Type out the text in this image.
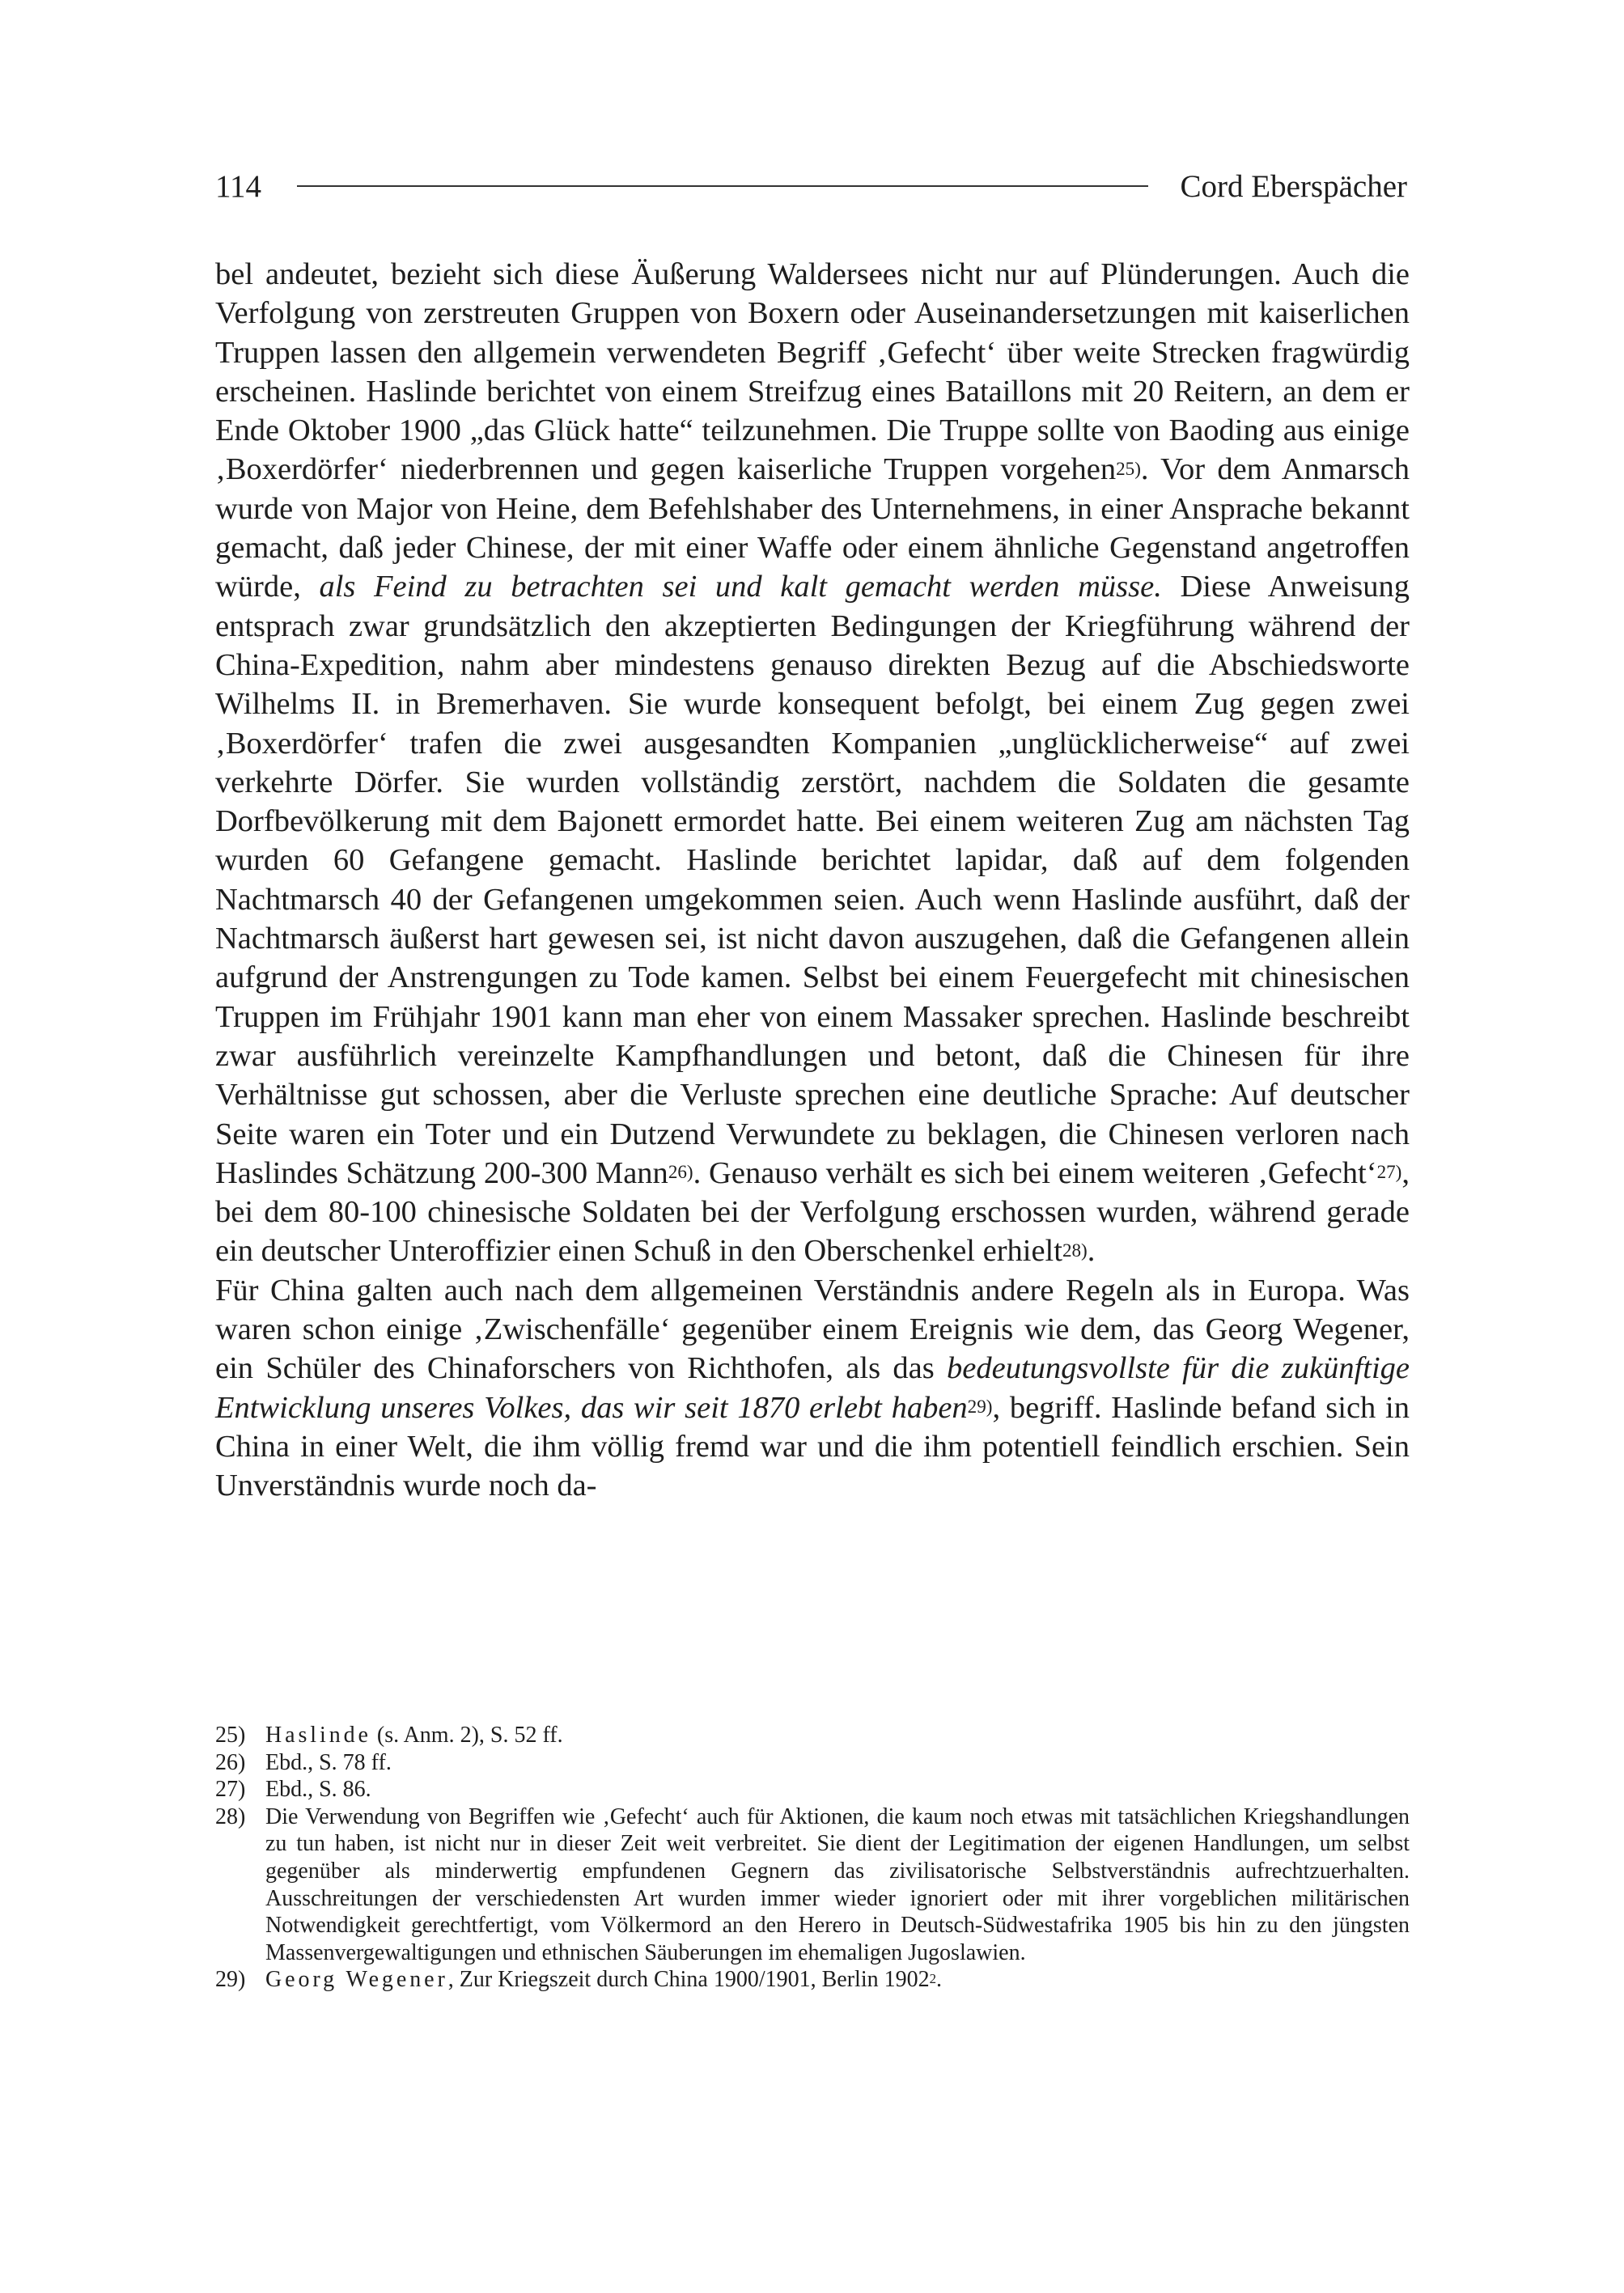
114	Cord Eberspächer

bel andeutet, bezieht sich diese Äußerung Waldersees nicht nur auf Plünderungen. Auch die Verfolgung von zerstreuten Gruppen von Boxern oder Auseinandersetzungen mit kaiserlichen Truppen lassen den allgemein verwendeten Begriff ‚Gefecht‘ über weite Strecken fragwürdig erscheinen. Haslinde berichtet von einem Streifzug eines Bataillons mit 20 Reitern, an dem er Ende Oktober 1900 „das Glück hatte“ teilzunehmen. Die Truppe sollte von Baoding aus einige ‚Boxerdörfer‘ niederbrennen und gegen kaiserliche Truppen vorgehen$^{25)}$. Vor dem Anmarsch wurde von Major von Heine, dem Befehlshaber des Unternehmens, in einer Ansprache bekannt gemacht, daß jeder Chinese, der mit einer Waffe oder einem ähnliche Gegenstand angetroffen würde, als Feind zu betrachten sei und kalt gemacht werden müsse. Diese Anweisung entsprach zwar grundsätzlich den akzeptierten Bedingungen der Kriegführung während der China-Expedition, nahm aber mindestens genauso direkten Bezug auf die Abschiedsworte Wilhelms II. in Bremerhaven. Sie wurde konsequent befolgt, bei einem Zug gegen zwei ‚Boxerdörfer‘ trafen die zwei ausgesandten Kompanien „unglücklicherweise“ auf zwei verkehrte Dörfer. Sie wurden vollständig zerstört, nachdem die Soldaten die gesamte Dorfbevölkerung mit dem Bajonett ermordet hatte. Bei einem weiteren Zug am nächsten Tag wurden 60 Gefangene gemacht. Haslinde berichtet lapidar, daß auf dem folgenden Nachtmarsch 40 der Gefangenen umgekommen seien. Auch wenn Haslinde ausführt, daß der Nachtmarsch äußerst hart gewesen sei, ist nicht davon auszugehen, daß die Gefangenen allein aufgrund der Anstrengungen zu Tode kamen. Selbst bei einem Feuergefecht mit chinesischen Truppen im Frühjahr 1901 kann man eher von einem Massaker sprechen. Haslinde beschreibt zwar ausführlich vereinzelte Kampfhandlungen und betont, daß die Chinesen für ihre Verhältnisse gut schossen, aber die Verluste sprechen eine deutliche Sprache: Auf deutscher Seite waren ein Toter und ein Dutzend Verwundete zu beklagen, die Chinesen verloren nach Haslindes Schätzung 200-300 Mann$^{26)}$. Genauso verhält es sich bei einem weiteren ‚Gefecht‘$^{27)}$, bei dem 80-100 chinesische Soldaten bei der Verfolgung erschossen wurden, während gerade ein deutscher Unteroffizier einen Schuß in den Oberschenkel erhielt$^{28)}$.

Für China galten auch nach dem allgemeinen Verständnis andere Regeln als in Europa. Was waren schon einige ‚Zwischenfälle‘ gegenüber einem Ereignis wie dem, das Georg Wegener, ein Schüler des Chinaforschers von Richthofen, als das bedeutungsvollste für die zukünftige Entwicklung unseres Volkes, das wir seit 1870 erlebt haben$^{29)}$, begriff. Haslinde befand sich in China in einer Welt, die ihm völlig fremd war und die ihm potentiell feindlich erschien. Sein Unverständnis wurde noch da-

25) Haslinde (s. Anm. 2), S. 52 ff.
26) Ebd., S. 78 ff.
27) Ebd., S. 86.
28) Die Verwendung von Begriffen wie ‚Gefecht‘ auch für Aktionen, die kaum noch etwas mit tatsächlichen Kriegshandlungen zu tun haben, ist nicht nur in dieser Zeit weit verbreitet. Sie dient der Legitimation der eigenen Handlungen, um selbst gegenüber als minderwertig empfundenen Gegnern das zivilisatorische Selbstverständnis aufrechtzuerhalten. Ausschreitungen der verschiedensten Art wurden immer wieder ignoriert oder mit ihrer vorgeblichen militärischen Notwendigkeit gerechtfertigt, vom Völkermord an den Herero in Deutsch-Südwestafrika 1905 bis hin zu den jüngsten Massenvergewaltigungen und ethnischen Säuberungen im ehemaligen Jugoslawien.
29) Georg Wegener, Zur Kriegszeit durch China 1900/1901, Berlin 1902$^2$.
